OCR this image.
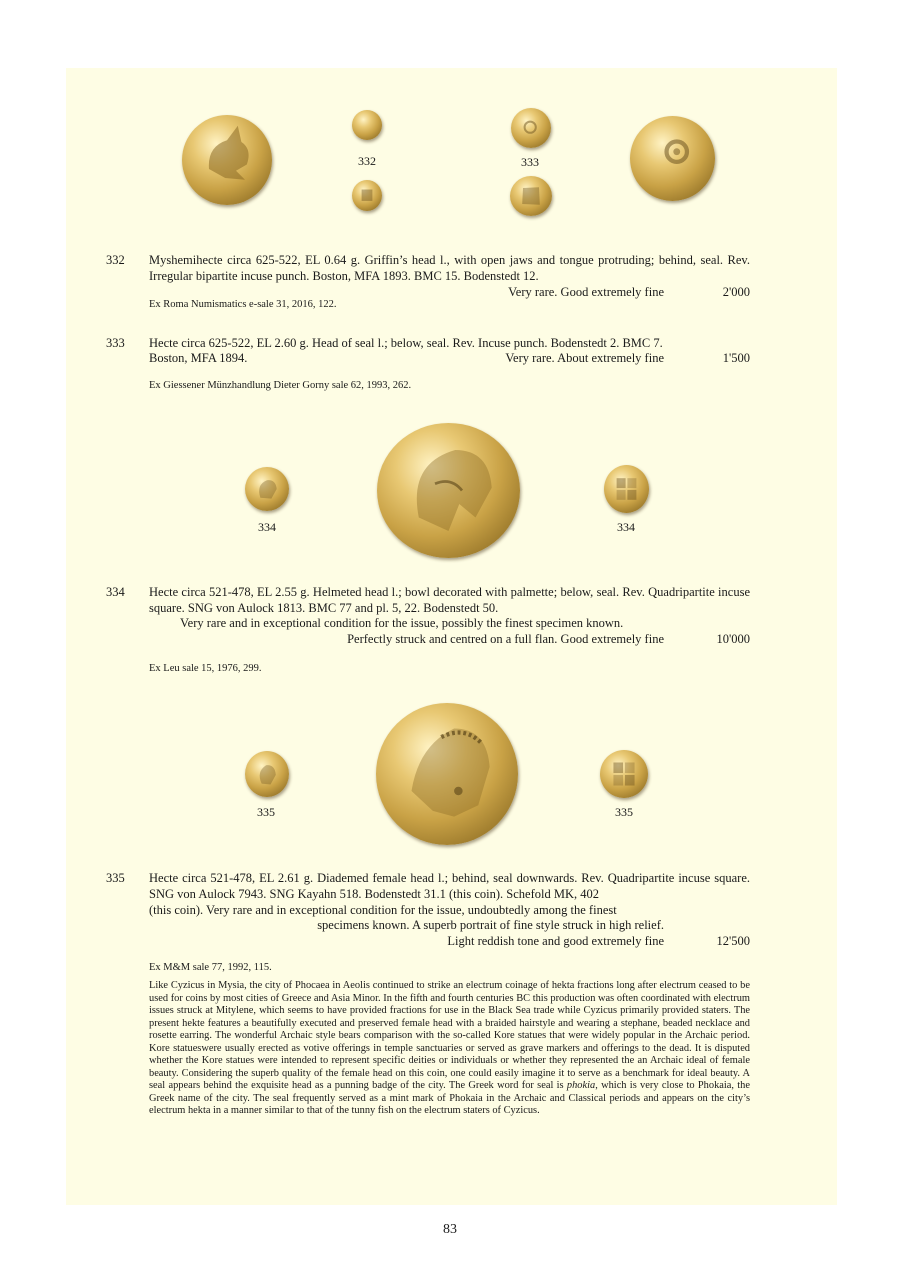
332	333
332 Myshemihecte circa 625-522, EL 0.64 g. Griffin’s head l., with open jaws and tongue protruding; behind, seal. Rev. Irregular bipartite incuse punch. Boston, MFA 1893. BMC 15. Bodenstedt 12.

Very rare. Good extremely fine	2'000
Ex Roma Numismatics e-sale 31, 2016, 122.
333 Hecte circa 625-522, EL 2.60 g. Head of seal l.; below, seal. Rev. Incuse punch. Bodenstedt 2. BMC 7.

Boston, MFA 1894.	Very rare. About extremely fine	1'500
Ex Giessener Münzhandlung Dieter Gorny sale 62, 1993, 262.
334	334
334 Hecte circa 521-478, EL 2.55 g. Helmeted head l.; bowl decorated with palmette; below, seal. Rev. Quadripartite incuse square. SNG von Aulock 1813. BMC 77 and pl. 5, 22. Bodenstedt 50.

Very rare and in exceptional condition for the issue, possibly the finest specimen known.
Perfectly struck and centred on a full flan. Good extremely fine	10'000
Ex Leu sale 15, 1976, 299.
335	335
335 Hecte circa 521-478, EL 2.61 g. Diademed female head l.; behind, seal downwards. Rev. Quadripartite incuse square. SNG von Aulock 7943. SNG Kayahn 518. Bodenstedt 31.1 (this coin). Schefold MK, 402

(this coin). Very rare and in exceptional condition for the issue, undoubtedly among the finest
specimens known. A superb portrait of fine style struck in high relief.
Light reddish tone and good extremely fine	12'500
Ex M&M sale 77, 1992, 115.
Like Cyzicus in Mysia, the city of Phocaea in Aeolis continued to strike an electrum coinage of hekta fractions long after electrum ceased to be used for coins by most cities of Greece and Asia Minor. In the fifth and fourth centuries BC this production was often coordinated with electrum issues struck at Mitylene, which seems to have provided fractions for use in the Black Sea trade while Cyzicus primarily provided staters. The present hekte features a beautifully executed and preserved female head with a braided hairstyle and wearing a stephane, beaded necklace and rosette earring. The wonderful Archaic style bears comparison with the so-called Kore statues that were widely popular in the Archaic period. Kore statueswere usually erected as votive offerings in temple sanctuaries or served as grave markers and offerings to the dead. It is disputed whether the Kore statues were intended to represent specific deities or individuals or whether they represented the an Archaic ideal of female beauty. Considering the superb quality of the female head on this coin, one could easily imagine it to serve as a benchmark for ideal beauty. A seal appears behind the exquisite head as a punning badge of the city. The Greek word for seal is phokia, which is very close to Phokaia, the Greek name of the city. The seal frequently served as a mint mark of Phokaia in the Archaic and Classical periods and appears on the city’s electrum hekta in a manner similar to that of the tunny fish on the electrum staters of Cyzicus.
83
